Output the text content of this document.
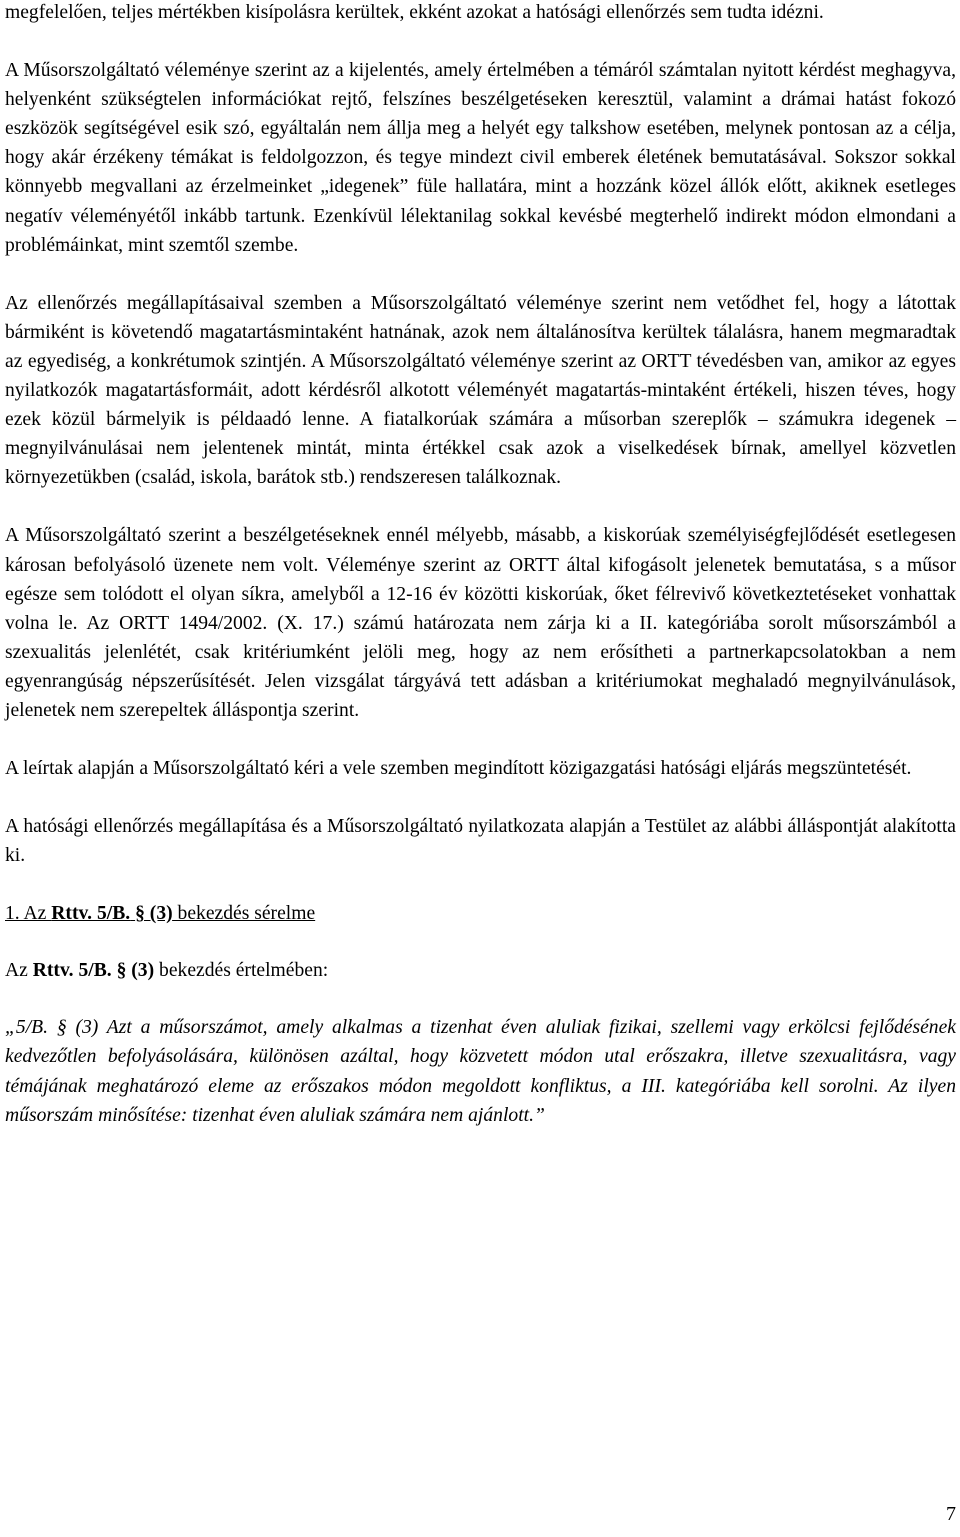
megfelelően, teljes mértékben kisípolásra kerültek, ekként azokat a hatósági ellenőrzés sem tudta idézni.

A Műsorszolgáltató véleménye szerint az a kijelentés, amely értelmében a témáról számtalan nyitott kérdést meghagyva, helyenként szükségtelen információkat rejtő, felszínes beszélgetéseken keresztül, valamint a drámai hatást fokozó eszközök segítségével esik szó, egyáltalán nem állja meg a helyét egy talkshow esetében, melynek pontosan az a célja, hogy akár érzékeny témákat is feldolgozzon, és tegye mindezt civil emberek életének bemutatásával. Sokszor sokkal könnyebb megvallani az érzelmeinket „idegenek” füle hallatára, mint a hozzánk közel állók előtt, akiknek esetleges negatív véleményétől inkább tartunk. Ezenkívül lélektanilag sokkal kevésbé megterhelő indirekt módon elmondani a problémáinkat, mint szemtől szembe.

Az ellenőrzés megállapításaival szemben a Műsorszolgáltató véleménye szerint nem vetődhet fel, hogy a látottak bármiként is követendő magatartásmintaként hatnának, azok nem általánosítva kerültek tálalásra, hanem megmaradtak az egyediség, a konkrétumok szintjén. A Műsorszolgáltató véleménye szerint az ORTT tévedésben van, amikor az egyes nyilatkozók magatartásformáit, adott kérdésről alkotott véleményét magatartás-mintaként értékeli, hiszen téves, hogy ezek közül bármelyik is példaadó lenne. A fiatalkorúak számára a műsorban szereplők – számukra idegenek – megnyilvánulásai nem jelentenek mintát, minta értékkel csak azok a viselkedések bírnak, amellyel közvetlen környezetükben (család, iskola, barátok stb.) rendszeresen találkoznak.

A Műsorszolgáltató szerint a beszélgetéseknek ennél mélyebb, másabb, a kiskorúak személyiségfejlődését esetlegesen károsan befolyásoló üzenete nem volt. Véleménye szerint az ORTT által kifogásolt jelenetek bemutatása, s a műsor egésze sem tolódott el olyan síkra, amelyből a 12-16 év közötti kiskorúak, őket félrevivő következtetéseket vonhattak volna le. Az ORTT 1494/2002. (X. 17.) számú határozata nem zárja ki a II. kategóriába sorolt műsorszámból a szexualitás jelenlétét, csak kritériumként jelöli meg, hogy az nem erősítheti a partnerkapcsolatokban a nem egyenrangúság népszerűsítését. Jelen vizsgálat tárgyává tett adásban a kritériumokat meghaladó megnyilvánulások, jelenetek nem szerepeltek álláspontja szerint.

A leírtak alapján a Műsorszolgáltató kéri a vele szemben megindított közigazgatási hatósági eljárás megszüntetését.

A hatósági ellenőrzés megállapítása és a Műsorszolgáltató nyilatkozata alapján a Testület az alábbi álláspontját alakította ki.

1. Az Rttv. 5/B. § (3) bekezdés sérelme

Az Rttv. 5/B. § (3) bekezdés értelmében:

„5/B. § (3) Azt a műsorszámot, amely alkalmas a tizenhat éven aluliak fizikai, szellemi vagy erkölcsi fejlődésének kedvezőtlen befolyásolására, különösen azáltal, hogy közvetett módon utal erőszakra, illetve szexualitásra, vagy témájának meghatározó eleme az erőszakos módon megoldott konfliktus, a III. kategóriába kell sorolni. Az ilyen műsorszám minősítése: tizenhat éven aluliak számára nem ajánlott.”

7
